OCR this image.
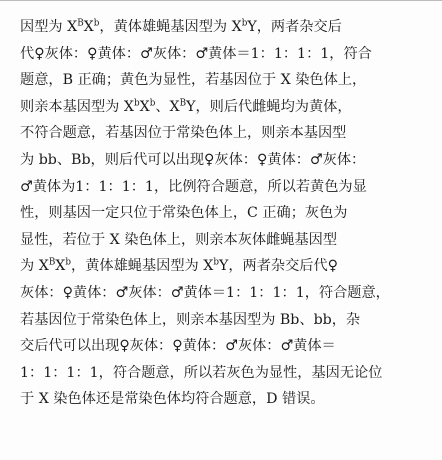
因型为 $X^BX^b$，黄体雄蝇基因型为 $X^bY$，两者杂交后
代♀灰体：♀黄体：♂灰体：♂黄体＝1：1：1：1，符合
题意，B 正确；黄色为显性，若基因位于 X 染色体上，
则亲本基因型为 $X^bX^b$、$X^BY$，则后代雌蝇均为黄体，
不符合题意，若基因位于常染色体上，则亲本基因型
为 bb、Bb，则后代可以出现♀灰体：♀黄体：♂灰体：
♂黄体为1：1：1：1，比例符合题意，所以若黄色为显
性，则基因一定只位于常染色体上，C 正确；灰色为
显性，若位于 X 染色体上，则亲本灰体雌蝇基因型
为 $X^BX^b$，黄体雄蝇基因型为 $X^bY$，两者杂交后代♀
灰体：♀黄体：♂灰体：♂黄体＝1：1：1：1，符合题意，
若基因位于常染色体上，则亲本基因型为 Bb、bb，杂
交后代可以出现♀灰体：♀黄体：♂灰体：♂黄体＝
1：1：1：1，符合题意，所以若灰色为显性，基因无论位
于 X 染色体还是常染色体均符合题意，D 错误。
